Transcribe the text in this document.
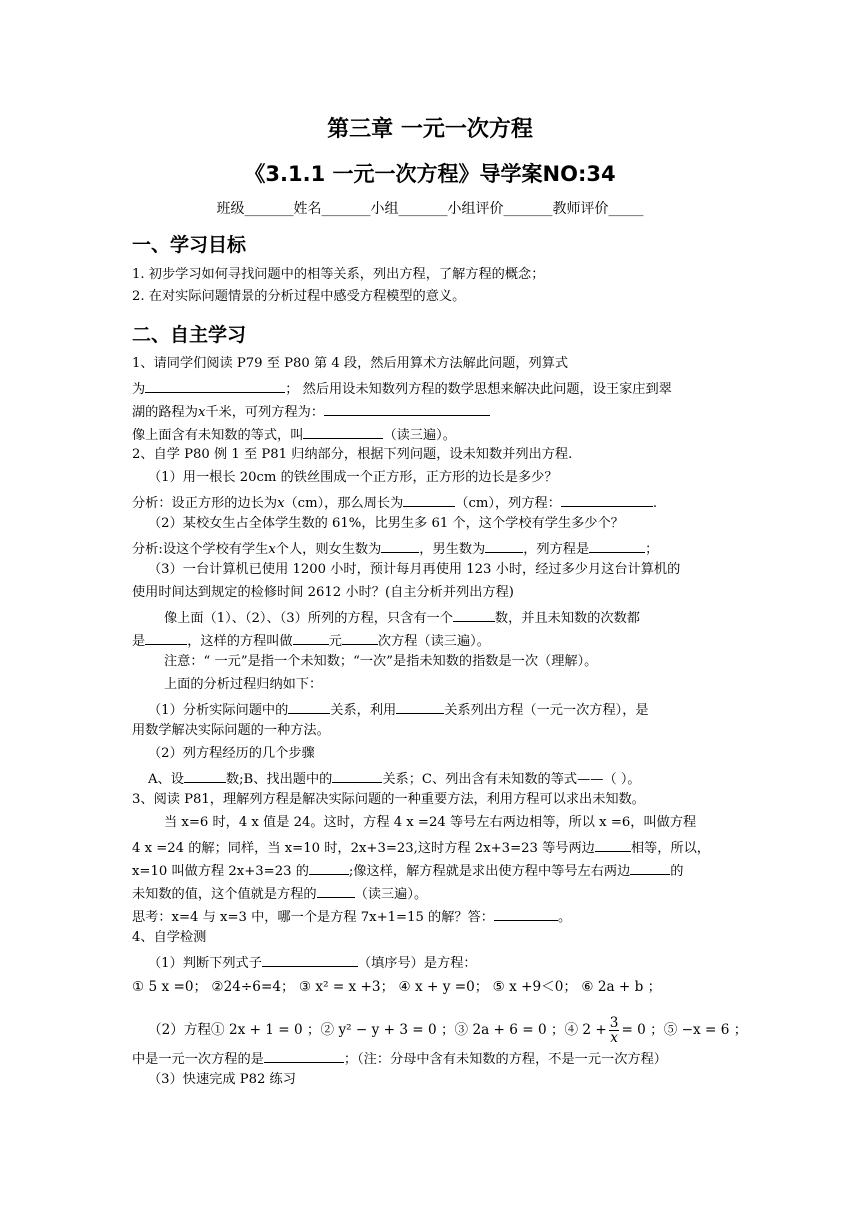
第三章 一元一次方程
《3.1.1 一元一次方程》导学案NO:34
班级_______姓名_______小组_______小组评价_______教师评价_____
一、学习目标
1. 初步学习如何寻找问题中的相等关系，列出方程，了解方程的概念；
2. 在对实际问题情景的分析过程中感受方程模型的意义。
二、自主学习
1、请同学们阅读 P79 至 P80 第 4 段，然后用算术方法解此问题，列算式
为	； 然后用设未知数列方程的数学思想来解决此问题，设王家庄到翠
湖的路程为x千米，可列方程为：
像上面含有未知数的等式，叫	（读三遍）。
2、自学 P80 例 1 至 P81 归纳部分，根据下列问题，设未知数并列出方程.
（1）用一根长 20cm 的铁丝围成一个正方形，正方形的边长是多少？
分析：设正方形的边长为x（cm），那么周长为	（cm），列方程：	.
（2）某校女生占全体学生数的 61%，比男生多 61 个，这个学校有学生多少个？
分析:设这个学校有学生x个人，则女生数为	，男生数为	，列方程是	；
（3）一台计算机已使用 1200 小时，预计每月再使用 123 小时，经过多少月这台计算机的
使用时间达到规定的检修时间 2612 小时？(自主分析并列出方程)
像上面（1）、（2）、（3）所列的方程，只含有一个	数，并且未知数的次数都
是	，这样的方程叫做	元	次方程（读三遍）。
注意：“ 一元”是指一个未知数；“一次”是指未知数的指数是一次（理解）。
上面的分析过程归纳如下：
（1）分析实际问题中的	关系，利用	关系列出方程（一元一次方程），是
用数学解决实际问题的一种方法。
（2）列方程经历的几个步骤
A、设	数;B、找出题中的	关系；C、列出含有未知数的等式——（ ）。
3、阅读 P81，理解列方程是解决实际问题的一种重要方法，利用方程可以求出未知数。
当 x=6 时，4 x 值是 24。这时，方程 4 x =24 等号左右两边相等，所以 x =6，叫做方程
4 x =24 的解；同样，当 x=10 时，2x+3=23,这时方程 2x+3=23 等号两边	相等，所以，
x=10 叫做方程 2x+3=23 的	;像这样，解方程就是求出使方程中等号左右两边	的
未知数的值，这个值就是方程的	（读三遍）。
思考：x=4 与 x=3 中，哪一个是方程 7x+1=15 的解？答：	。
4、自学检测
（1）判断下列式子	（填序号）是方程：
① 5 x =0； ②24÷6=4； ③ x² = x +3； ④ x + y =0； ⑤ x +9＜0； ⑥ 2a + b ；
（2）方程① 2x + 1 = 0 ；② y² − y + 3 = 0 ；③ 2a + 6 = 0 ；④ $2 + \frac{3}{x} = 0$ ；⑤ −x = 6 ；
中是一元一次方程的是	；（注：分母中含有未知数的方程，不是一元一次方程）
（3）快速完成 P82 练习
